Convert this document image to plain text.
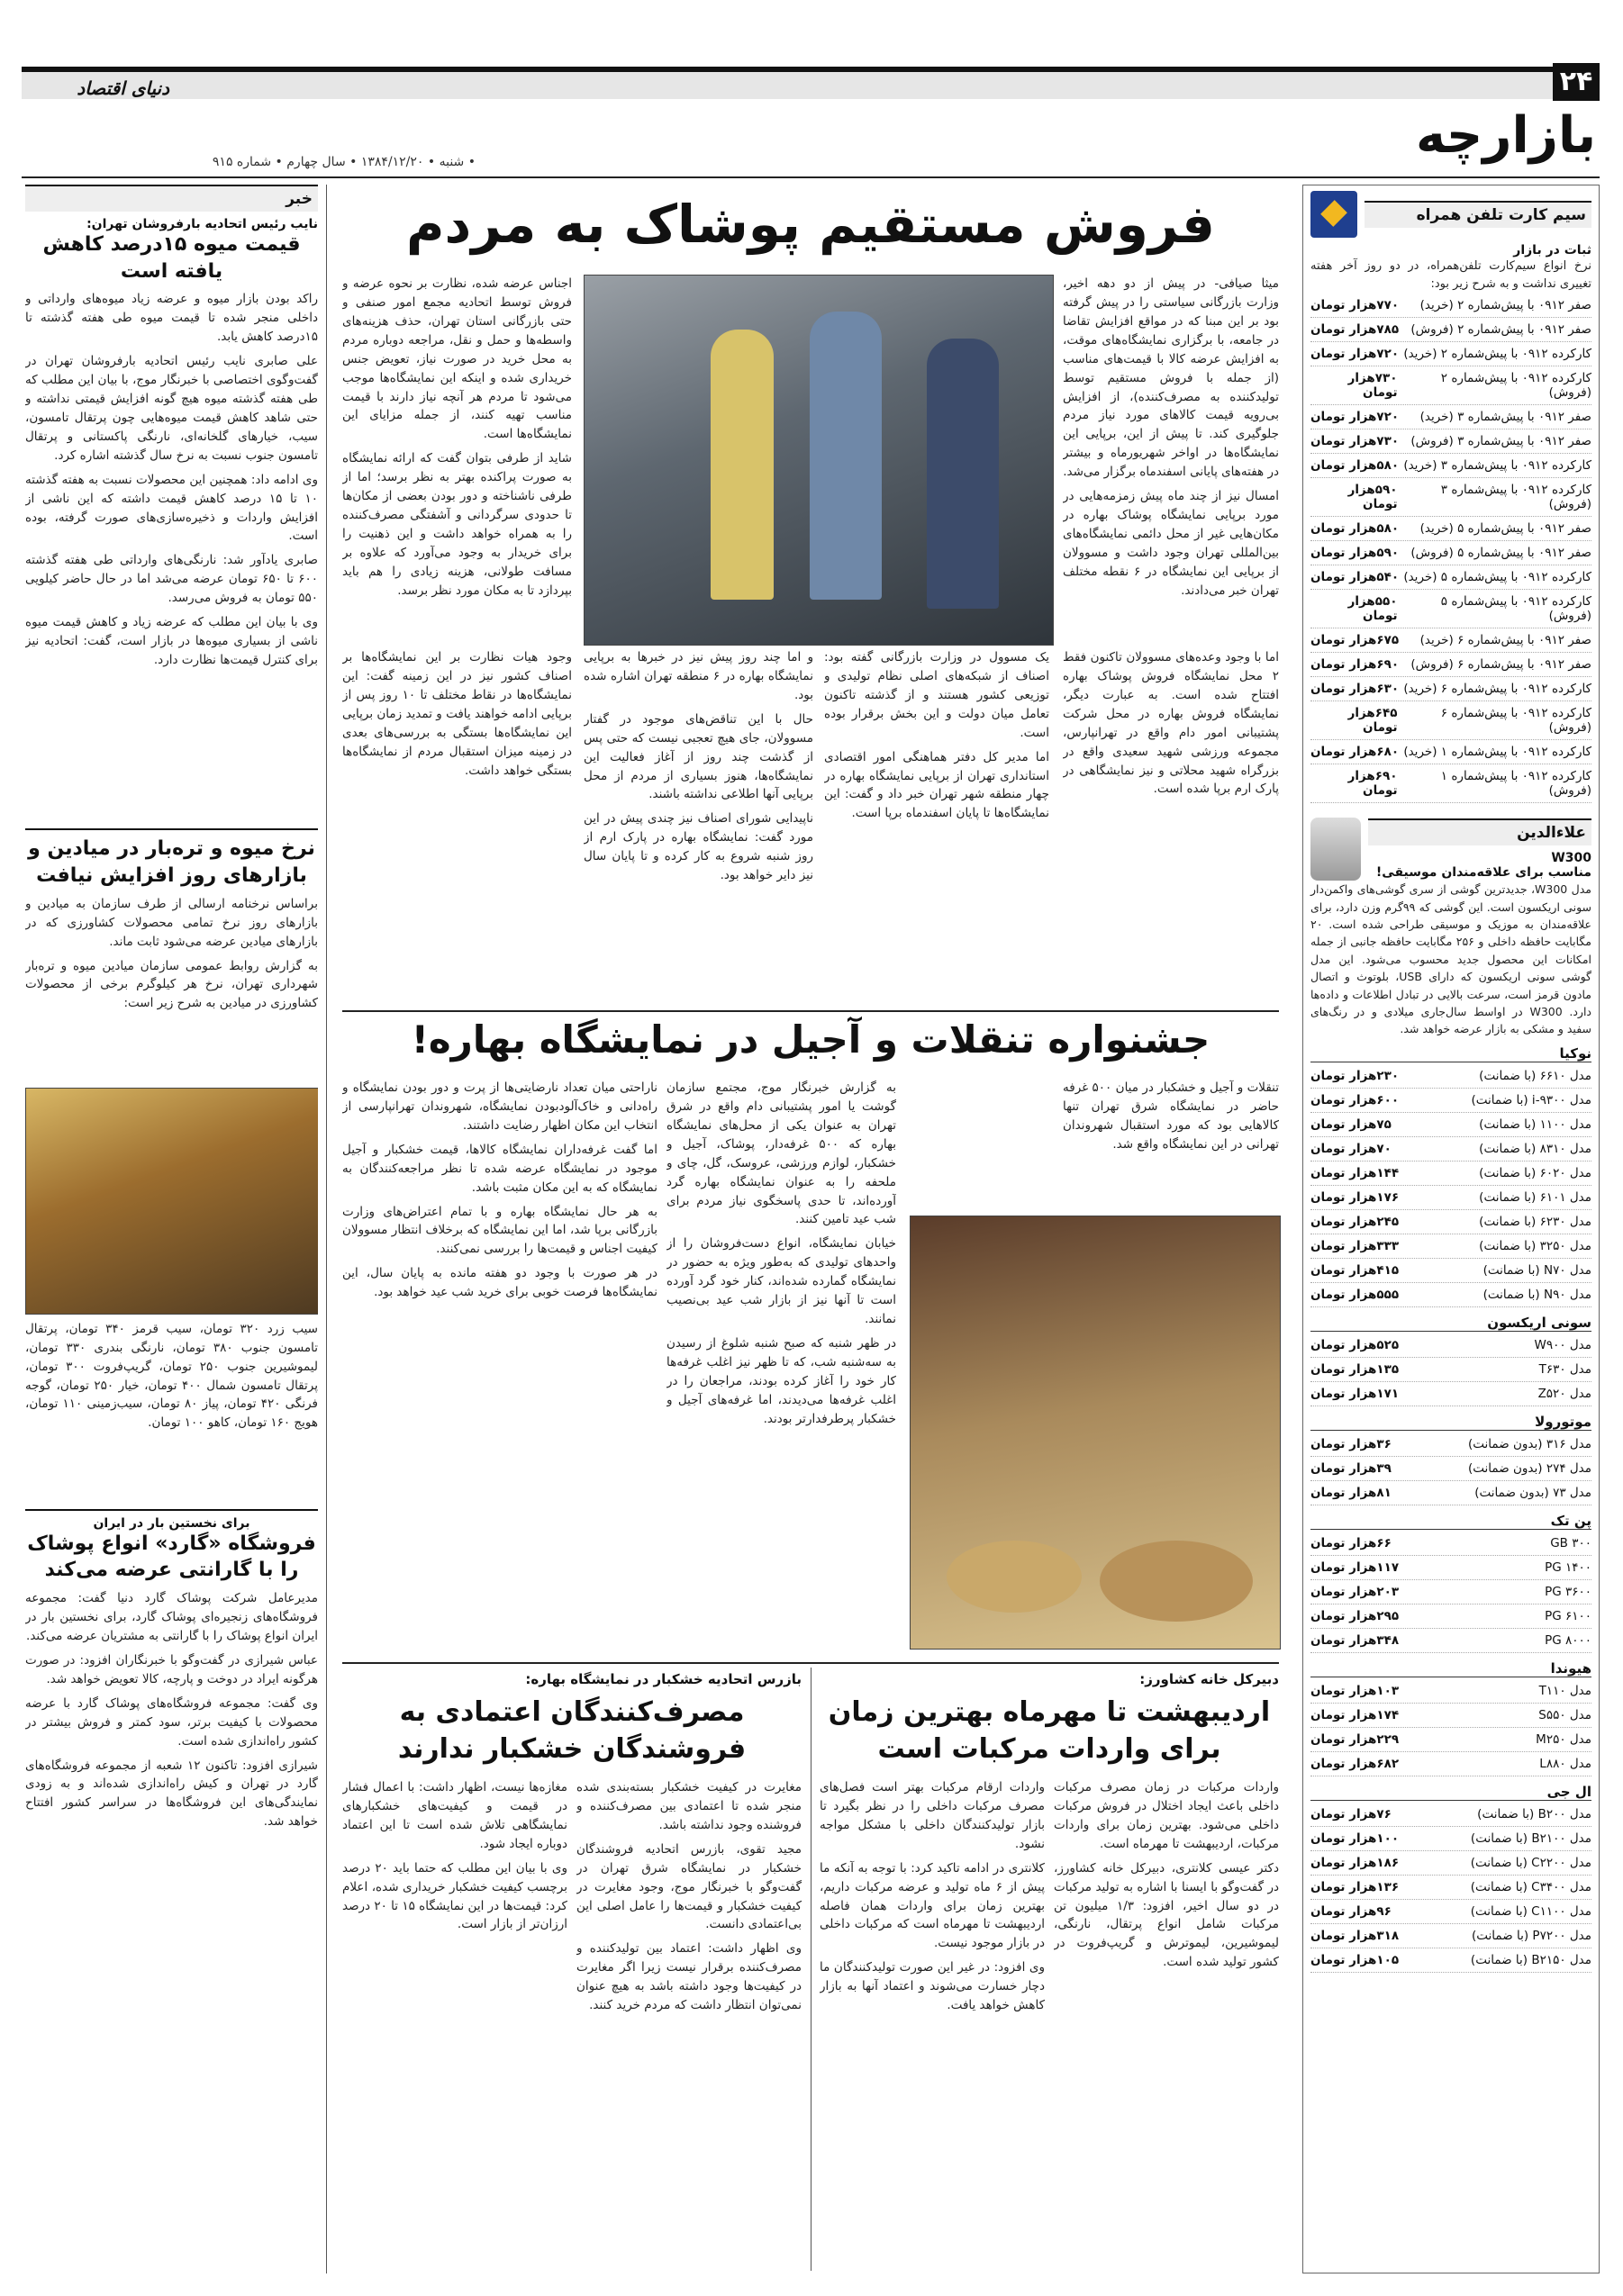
۲۴
دنیای اقتصاد
بازارچه
• شنبه • ۱۳۸۴/۱۲/۲۰ • سال چهارم • شماره ۹۱۵
سیم کارت تلفن همراه
ثبات در بازار
نرخ انواع سیم‌کارت تلفن‌همراه، در دو روز آخر هفته تغییری نداشت و به شرح زیر بود:
صفر ۰۹۱۲ با پیش‌شماره ۲ (خرید)
۷۷۰هزار تومان
صفر ۰۹۱۲ با پیش‌شماره ۲ (فروش)
۷۸۵هزار تومان
کارکرده ۰۹۱۲ با پیش‌شماره ۲ (خرید)
۷۲۰هزار تومان
کارکرده ۰۹۱۲ با پیش‌شماره ۲ (فروش)
۷۳۰هزار تومان
صفر ۰۹۱۲ با پیش‌شماره ۳ (خرید)
۷۲۰هزار تومان
صفر ۰۹۱۲ با پیش‌شماره ۳ (فروش)
۷۳۰هزار تومان
کارکرده ۰۹۱۲ با پیش‌شماره ۳ (خرید)
۵۸۰هزار تومان
کارکرده ۰۹۱۲ با پیش‌شماره ۳ (فروش)
۵۹۰هزار تومان
صفر ۰۹۱۲ با پیش‌شماره ۵ (خرید)
۵۸۰هزار تومان
صفر ۰۹۱۲ با پیش‌شماره ۵ (فروش)
۵۹۰هزار تومان
کارکرده ۰۹۱۲ با پیش‌شماره ۵ (خرید)
۵۴۰هزار تومان
کارکرده ۰۹۱۲ با پیش‌شماره ۵ (فروش)
۵۵۰هزار تومان
صفر ۰۹۱۲ با پیش‌شماره ۶ (خرید)
۶۷۵هزار تومان
صفر ۰۹۱۲ با پیش‌شماره ۶ (فروش)
۶۹۰هزار تومان
کارکرده ۰۹۱۲ با پیش‌شماره ۶ (خرید)
۶۳۰هزار تومان
کارکرده ۰۹۱۲ با پیش‌شماره ۶ (فروش)
۶۴۵هزار تومان
کارکرده ۰۹۱۲ با پیش‌شماره ۱ (خرید)
۶۸۰هزار تومان
کارکرده ۰۹۱۲ با پیش‌شماره ۱ (فروش)
۶۹۰هزار تومان
علاءالدین
W300
مناسب برای علاقه‌مندان موسیقی!
مدل W300، جدیدترین گوشی از سری گوشی‌های واکمن‌دار سونی اریکسون است. این گوشی که ۹۹گرم وزن دارد، برای علاقه‌مندان به موزیک و موسیقی طراحی شده است. ۲۰ مگابایت حافظه داخلی و ۲۵۶ مگابایت حافظه جانبی از جمله امکانات این محصول جدید محسوب می‌شود. این مدل گوشی سونی اریکسون که دارای USB، بلوتوث و اتصال مادون قرمز است، سرعت بالایی در تبادل اطلاعات و داده‌ها دارد. W300 در اواسط سال‌جاری میلادی و در رنگ‌های سفید و مشکی به بازار عرضه خواهد شد.
نوکیا
مدل ۶۶۱۰ (با ضمانت)
۲۳۰هزار تومان
مدل ۹۳۰۰-i (با ضمانت)
۶۰۰هزار تومان
مدل ۱۱۰۰ (با ضمانت)
۷۵هزار تومان
مدل ۸۳۱۰ (با ضمانت)
۷۰هزار تومان
مدل ۶۰۲۰ (با ضمانت)
۱۴۴هزار تومان
مدل ۶۱۰۱ (با ضمانت)
۱۷۶هزار تومان
مدل ۶۲۳۰ (با ضمانت)
۲۴۵هزار تومان
مدل ۳۲۵۰ (با ضمانت)
۳۳۳هزار تومان
مدل N۷۰ (با ضمانت)
۴۱۵هزار تومان
مدل N۹۰ (با ضمانت)
۵۵۵هزار تومان
سونی اریکسون
مدل W۹۰۰
۵۲۵هزار تومان
مدل T۶۳۰
۱۳۵هزار تومان
مدل Z۵۲۰
۱۷۱هزار تومان
موتورولا
مدل ۳۱۶ (بدون ضمانت)
۳۶هزار تومان
مدل ۲۷۴ (بدون ضمانت)
۳۹هزار تومان
مدل ۷۳ (بدون ضمانت)
۸۱هزار تومان
پن تک
GB ۳۰۰
۶۶هزار تومان
PG ۱۴۰۰
۱۱۷هزار تومان
PG ۳۶۰۰
۲۰۳هزار تومان
PG ۶۱۰۰
۲۹۵هزار تومان
PG ۸۰۰۰
۳۴۸هزار تومان
هیوندا
مدل T۱۱۰
۱۰۳هزار تومان
مدل S۵۵۰
۱۷۴هزار تومان
مدل M۲۵۰
۲۲۹هزار تومان
مدل L۸۸۰
۶۸۲هزار تومان
ال جی
مدل B۲۰۰ (با ضمانت)
۷۶هزار تومان
مدل B۲۱۰۰ (با ضمانت)
۱۰۰هزار تومان
مدل C۲۲۰۰ (با ضمانت)
۱۸۶هزار تومان
مدل C۳۴۰۰ (با ضمانت)
۱۳۶هزار تومان
مدل C۱۱۰۰ (با ضمانت)
۹۶هزار تومان
مدل P۷۲۰۰ (با ضمانت)
۳۱۸هزار تومان
مدل B۲۱۵۰ (با ضمانت)
۱۰۵هزار تومان
فروش مستقیم پوشاک به مردم

میثا صیافی- در پیش از دو دهه اخیر، وزارت بازرگانی سیاستی را در پیش گرفته بود بر این مبنا که در مواقع افزایش تقاضا در جامعه، با برگزاری نمایشگاه‌های موقت، به افزایش عرضه کالا با قیمت‌های مناسب (از جمله با فروش مستقیم توسط تولیدکننده به مصرف‌کننده)، از افزایش بی‌رویه قیمت کالاهای مورد نیاز مردم جلوگیری کند. تا پیش از این، برپایی این نمایشگاه‌ها در اواخر شهریورماه و بیشتر در هفته‌های پایانی اسفندماه برگزار می‌شد.

امسال نیز از چند ماه پیش زمزمه‌هایی در مورد برپایی نمایشگاه پوشاک بهاره در مکان‌هایی غیر از محل دائمی نمایشگاه‌های بین‌المللی تهران وجود داشت و مسوولان از برپایی این نمایشگاه در ۶ نقطه مختلف تهران خبر می‌دادند.

اجناس عرضه شده، نظارت بر نحوه عرضه و فروش توسط اتحادیه مجمع امور صنفی و حتی بازرگانی استان تهران، حذف هزینه‌های واسطه‌ها و حمل و نقل، مراجعه دوباره مردم به محل خرید در صورت نیاز، تعویض جنس خریداری شده و اینکه این نمایشگاه‌ها موجب می‌شود تا مردم هر آنچه نیاز دارند با قیمت مناسب تهیه کنند، از جمله مزایای این نمایشگاه‌ها است.

شاید از طرفی بتوان گفت که ارائه نمایشگاه به صورت پراکنده بهتر به نظر برسد؛ اما از طرفی ناشناخته و دور بودن بعضی از مکان‌ها تا حدودی سرگردانی و آشفتگی مصرف‌کننده را به همراه خواهد داشت و این ذهنیت را برای خریدار به وجود می‌آورد که علاوه بر مسافت طولانی، هزینه زیادی را هم باید بپردازد تا به مکان مورد نظر برسد.

اما با وجود وعده‌های مسوولان تاکنون فقط ۲ محل نمایشگاه فروش پوشاک بهاره افتتاح شده است. به عبارت دیگر، نمایشگاه فروش بهاره در محل شرکت پشتیبانی امور دام واقع در تهرانپارس، مجموعه ورزشی شهید سعیدی واقع در بزرگراه شهید محلاتی و نیز نمایشگاهی در پارک ارم برپا شده است.

یک مسوول در وزارت بازرگانی گفته بود: اصناف از شبکه‌های اصلی نظام تولیدی و توزیعی کشور هستند و از گذشته تاکنون تعامل میان دولت و این بخش برقرار بوده است.

اما مدیر کل دفتر هماهنگی امور اقتصادی استانداری تهران از برپایی نمایشگاه بهاره در چهار منطقه شهر تهران خبر داد و گفت: این نمایشگاه‌ها تا پایان اسفندماه برپا است.

و اما چند روز پیش نیز در خبرها به برپایی نمایشگاه بهاره در ۶ منطقه تهران اشاره شده بود.

حال با این تناقض‌های موجود در گفتار مسوولان، جای هیچ تعجبی نیست که حتی پس از گذشت چند روز از آغاز فعالیت این نمایشگاه‌ها، هنوز بسیاری از مردم از محل برپایی آنها اطلاعی نداشته باشند.

ناپیدایی شورای اصناف نیز چندی پیش در این مورد گفت: نمایشگاه بهاره در پارک ارم از روز شنبه شروع به کار کرده و تا پایان سال نیز دایر خواهد بود.

وجود هیات نظارت بر این نمایشگاه‌ها بر اصناف کشور نیز در این زمینه گفت: این نمایشگاه‌ها در نقاط مختلف تا ۱۰ روز پس از برپایی ادامه خواهند یافت و تمدید زمان برپایی این نمایشگاه‌ها بستگی به بررسی‌های بعدی در زمینه میزان استقبال مردم از نمایشگاه‌ها بستگی خواهد داشت.

جشنواره تنقلات و آجیل در نمایشگاه بهاره!

تنقلات و آجیل و خشکبار در میان ۵۰۰ غرفه حاضر در نمایشگاه شرق تهران تنها کالاهایی بود که مورد استقبال شهروندان تهرانی در این نمایشگاه واقع شد.

به گزارش خبرنگار موج، مجتمع سازمان گوشت یا امور پشتیبانی دام واقع در شرق تهران به عنوان یکی از محل‌های نمایشگاه بهاره که ۵۰۰ غرفه‌دار، پوشاک، آجیل و خشکبار، لوازم ورزشی، عروسک، گل، چای و ملحفه را به عنوان نمایشگاه بهاره گرد آورده‌اند، تا حدی پاسخگوی نیاز مردم برای شب عید تامین کنند.

خیابان نمایشگاه، انواع دست‌فروشان را از واحدهای تولیدی که به‌طور ویژه به حضور در نمایشگاه گمارده شده‌اند، کنار خود گرد آورده است تا آنها نیز از بازار شب عید بی‌نصیب نمانند.

در ظهر شنبه که صبح شنبه شلوغ از رسیدن به سه‌شنبه شب، که تا ظهر نیز اغلب غرفه‌ها کار خود را آغاز کرده بودند، مراجعان را در اغلب غرفه‌ها می‌دیدند، اما غرفه‌های آجیل و خشکبار پرطرفدارتر بودند.

ناراحتی میان تعداد نارضایتی‌ها از پرت و دور بودن نمایشگاه و راه‌دانی و خاک‌آلودبودن نمایشگاه، شهروندان تهرانپارسی از انتخاب این مکان اظهار رضایت داشتند.

اما گفت غرفه‌داران نمایشگاه کالاها، قیمت خشکبار و آجیل موجود در نمایشگاه عرضه شده تا نظر مراجعه‌کنندگان به نمایشگاه که به این مکان مثبت باشد.

به هر حال نمایشگاه بهاره و با تمام اعتراض‌های وزارت بازرگانی برپا شد، اما این نمایشگاه که برخلاف انتظار مسوولان کیفیت اجناس و قیمت‌ها را بررسی نمی‌کنند.

در هر صورت با وجود دو هفته مانده به پایان سال، این نمایشگاه‌ها فرصت خوبی برای خرید شب عید خواهد بود.

دبیرکل خانه کشاورز:
اردیبهشت تا مهرماه بهترین زمان برای واردات مرکبات است

واردات مرکبات در زمان مصرف مرکبات داخلی باعث ایجاد اختلال در فروش مرکبات داخلی می‌شود. بهترین زمان برای واردات مرکبات، اردیبهشت تا مهرماه است.

دکتر عیسی کلانتری، دبیرکل خانه کشاورز، در گفت‌وگو با ایسنا با اشاره به تولید مرکبات در دو سال اخیر، افزود: ۱/۳ میلیون تن مرکبات شامل انواع پرتقال، نارنگی، لیموشیرین، لیموترش و گریپ‌فروت در کشور تولید شده است.

واردات ارقام مرکبات بهتر است فصل‌های مصرف مرکبات داخلی را در نظر بگیرد تا بازار تولیدکنندگان داخلی با مشکل مواجه نشود.

کلانتری در ادامه تاکید کرد: با توجه به آنکه ما پیش از ۶ ماه تولید و عرضه مرکبات داریم، بهترین زمان برای واردات همان فاصله اردیبهشت تا مهرماه است که مرکبات داخلی در بازار موجود نیست.

وی افزود: در غیر این صورت تولیدکنندگان ما دچار خسارت می‌شوند و اعتماد آنها به بازار کاهش خواهد یافت.

بازرس اتحادیه خشکبار در نمایشگاه بهاره:
مصرف‌کنندگان اعتمادی به فروشندگان خشکبار ندارند

مغایرت در کیفیت خشکبار بسته‌بندی شده منجر شده تا اعتمادی بین مصرف‌کننده و فروشنده وجود نداشته باشد.

مجید تقوی، بازرس اتحادیه فروشندگان خشکبار در نمایشگاه شرق تهران در گفت‌وگو با خبرنگار موج، وجود مغایرت در کیفیت خشکبار و قیمت‌ها را عامل اصلی این بی‌اعتمادی دانست.

وی اظهار داشت: اعتماد بین تولیدکننده و مصرف‌کننده برقرار نیست زیرا اگر مغایرت در کیفیت‌ها وجود داشته باشد به هیچ عنوان نمی‌توان انتظار داشت که مردم خرید کنند.

مغازه‌ها نیست، اظهار داشت: با اعمال فشار در قیمت و کیفیت‌های خشکبارهای نمایشگاهی تلاش شده است تا این اعتماد دوباره ایجاد شود.

وی با بیان این مطلب که حتما باید ۲۰ درصد برچسب کیفیت خشکبار خریداری شده، اعلام کرد: قیمت‌ها در این نمایشگاه ۱۵ تا ۲۰ درصد ارزان‌تر از بازار است.

خبر
نایب رئیس اتحادیه بارفروشان تهران:
قیمت میوه ۱۵درصد کاهش یافته است

راکد بودن بازار میوه و عرضه زیاد میوه‌های وارداتی و داخلی منجر شده تا قیمت میوه طی هفته گذشته تا ۱۵درصد کاهش یابد.

علی صابری نایب رئیس اتحادیه بارفروشان تهران در گفت‌وگوی اختصاصی با خبرنگار موج، با بیان این مطلب که طی هفته گذشته میوه هیچ گونه افزایش قیمتی نداشته و حتی شاهد کاهش قیمت میوه‌هایی چون پرتقال تامسون، سیب، خیارهای گلخانه‌ای، نارنگی پاکستانی و پرتقال تامسون جنوب نسبت به نرخ سال گذشته اشاره کرد.

وی ادامه داد: همچنین این محصولات نسبت به هفته گذشته ۱۰ تا ۱۵ درصد کاهش قیمت داشته که این ناشی از افزایش واردات و ذخیره‌سازی‌های صورت گرفته، بوده است.

صابری یادآور شد: نارنگی‌های وارداتی طی هفته گذشته ۶۰۰ تا ۶۵۰ تومان عرضه می‌شد اما در حال حاضر کیلویی ۵۵۰ تومان به فروش می‌رسد.

وی با بیان این مطلب که عرضه زیاد و کاهش قیمت میوه ناشی از بسیاری میوه‌ها در بازار است، گفت: اتحادیه نیز برای کنترل قیمت‌ها نظارت دارد.

نرخ میوه و تره‌بار در میادین و بازارهای روز افزایش نیافت

براساس نرخنامه ارسالی از طرف سازمان به میادین و بازارهای روز نرخ تمامی محصولات کشاورزی که در بازارهای میادین عرضه می‌شود ثابت ماند.

به گزارش روابط عمومی سازمان میادین میوه و تره‌بار شهرداری تهران، نرخ هر کیلوگرم برخی از محصولات کشاورزی در میادین به شرح زیر است:

سیب زرد ۳۲۰ تومان، سیب قرمز ۳۴۰ تومان، پرتقال تامسون جنوب ۳۸۰ تومان، نارنگی بندری ۳۳۰ تومان، لیموشیرین جنوب ۲۵۰ تومان، گریپ‌فروت ۳۰۰ تومان، پرتقال تامسون شمال ۴۰۰ تومان، خیار ۲۵۰ تومان، گوجه فرنگی ۴۲۰ تومان، پیاز ۸۰ تومان، سیب‌زمینی ۱۱۰ تومان، هویج ۱۶۰ تومان، کاهو ۱۰۰ تومان.
برای نخستین بار در ایران
فروشگاه «گارد» انواع پوشاک را با گارانتی عرضه می‌کند

مدیرعامل شرکت پوشاک گارد دنیا گفت: مجموعه فروشگاه‌های زنجیره‌ای پوشاک گارد، برای نخستین بار در ایران انواع پوشاک را با گارانتی به مشتریان عرضه می‌کند.

عباس شیرازی در گفت‌وگو با خبرنگاران افزود: در صورت هرگونه ایراد در دوخت و پارچه، کالا تعویض خواهد شد.

وی گفت: مجموعه فروشگاه‌های پوشاک گارد با عرضه محصولات با کیفیت برتر، سود کمتر و فروش بیشتر در کشور راه‌اندازی شده است.

شیرازی افزود: تاکنون ۱۲ شعبه از مجموعه فروشگاه‌های گارد در تهران و کیش راه‌اندازی شده‌اند و به زودی نمایندگی‌های این فروشگاه‌ها در سراسر کشور افتتاح خواهد شد.
